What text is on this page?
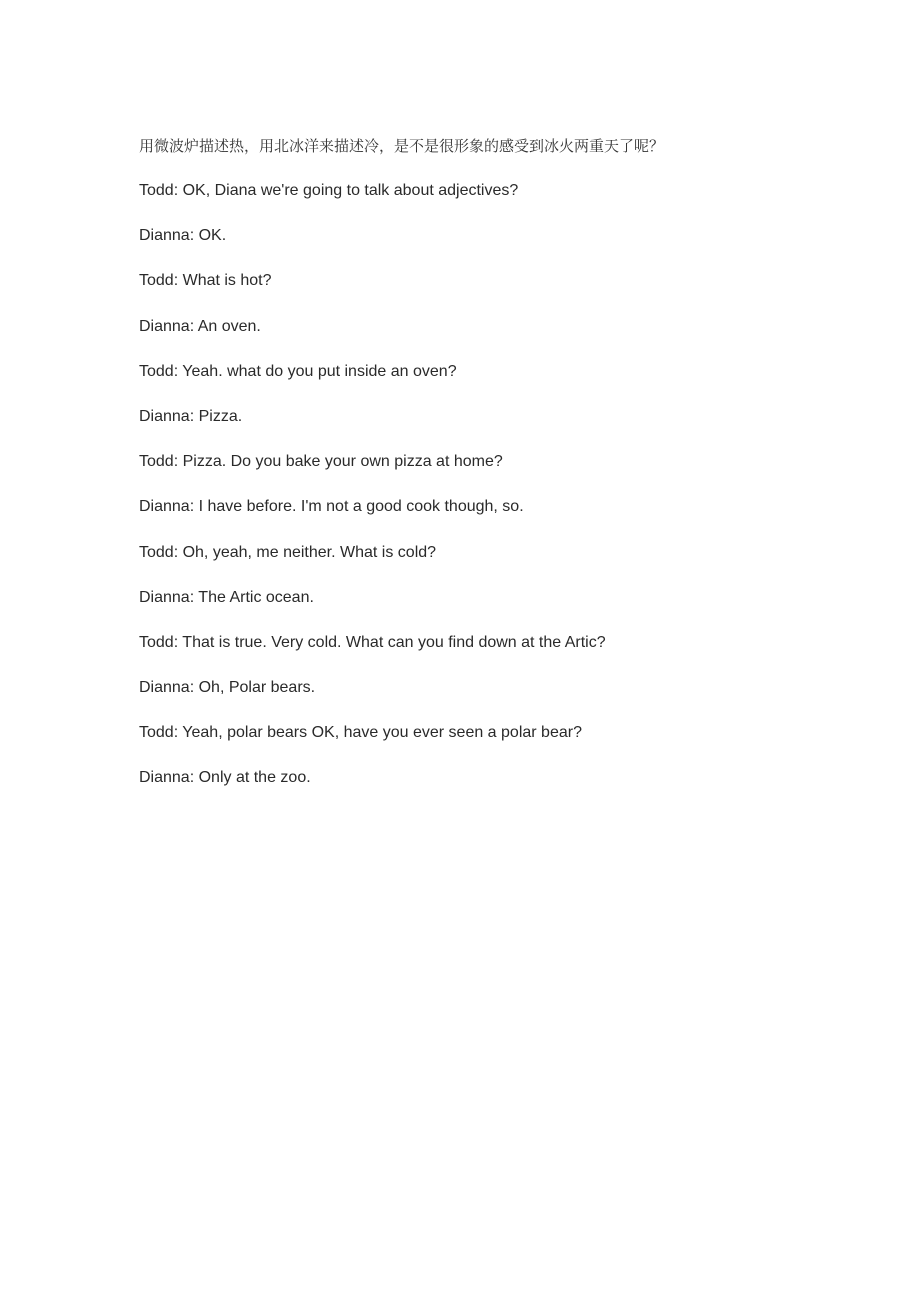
用微波炉描述热，用北冰洋来描述冷，是不是很形象的感受到冰火两重天了呢？

Todd: OK, Diana we're going to talk about adjectives?

Dianna: OK.

Todd: What is hot?

Dianna: An oven.

Todd: Yeah. what do you put inside an oven?

Dianna: Pizza.

Todd: Pizza. Do you bake your own pizza at home?

Dianna: I have before. I'm not a good cook though, so.

Todd: Oh, yeah, me neither. What is cold?

Dianna: The Artic ocean.

Todd: That is true. Very cold. What can you find down at the Artic?

Dianna: Oh, Polar bears.

Todd: Yeah, polar bears OK, have you ever seen a polar bear?

Dianna: Only at the zoo.
